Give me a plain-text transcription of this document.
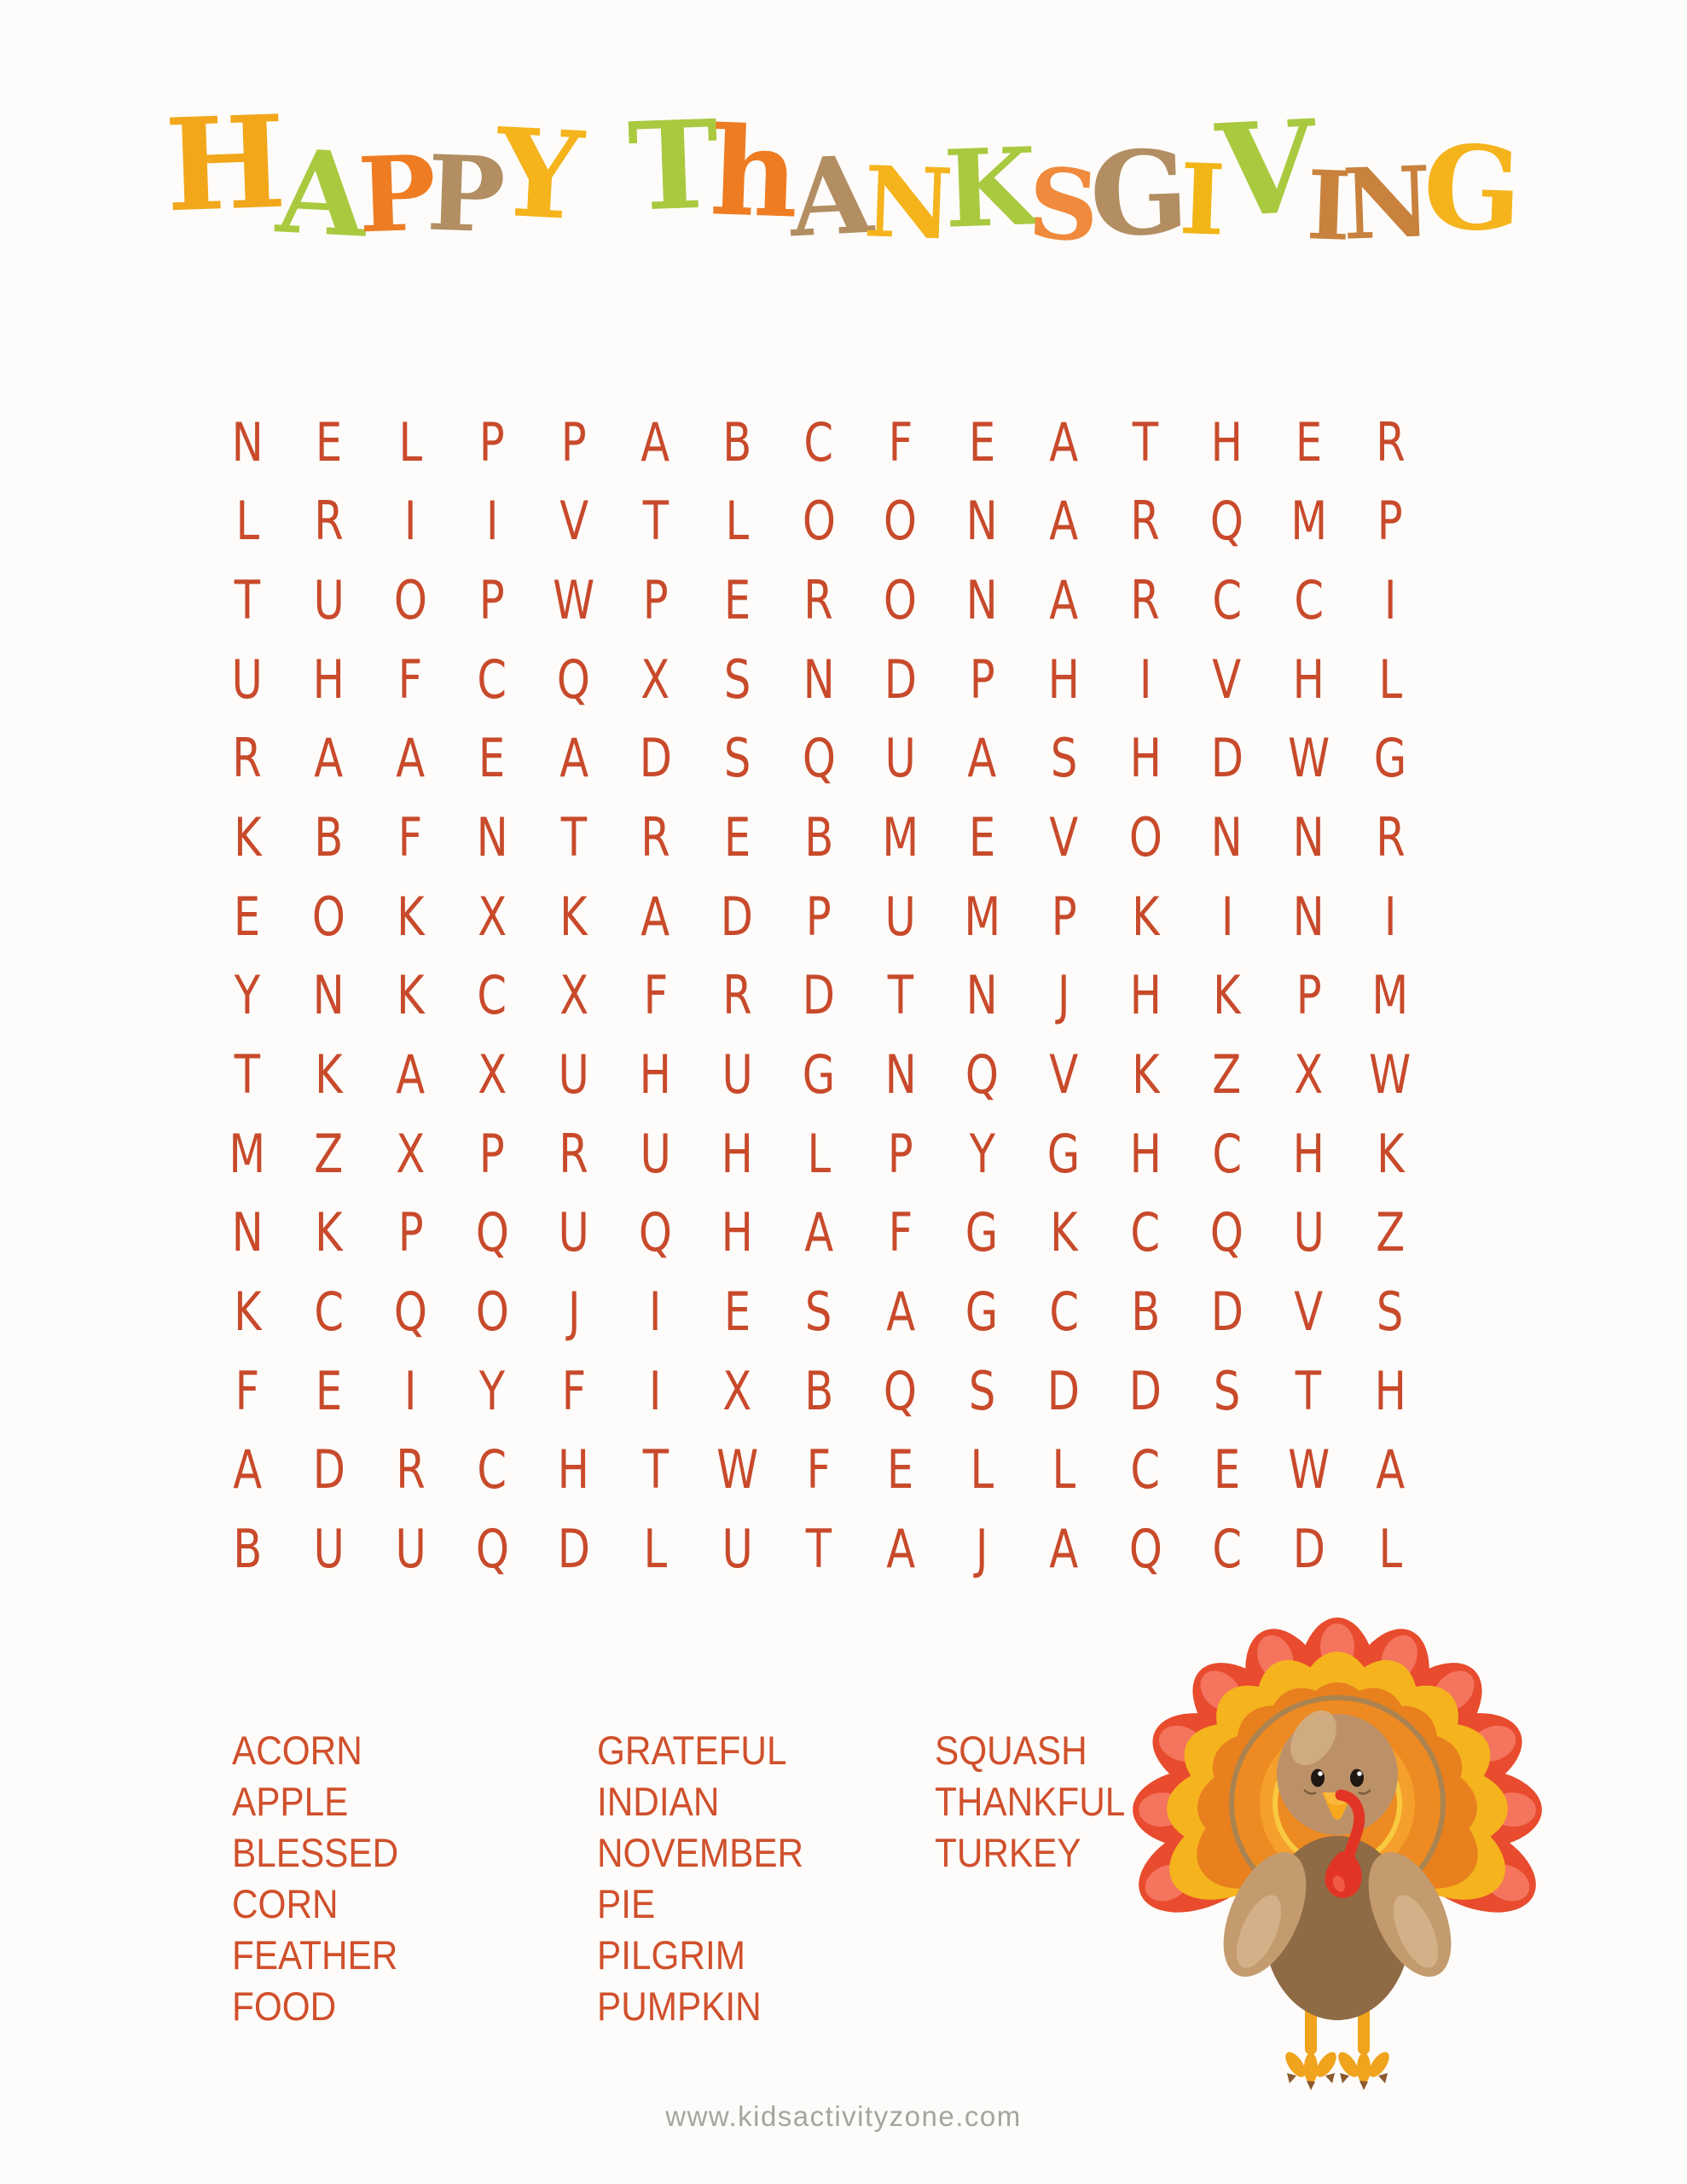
HAPPY ThANKSGIVING
N E L P P A B C F E A T H E R
L R I I V T L O O N A R Q M P
T U O P W P E R O N A R C C I
U H F C Q X S N D P H I V H L
R A A E A D S Q U A S H D W G
K B F N T R E B M E V O N N R
E O K X K A D P U M P K I N I
Y N K C X F R D T N J H K P M
T K A X U H U G N Q V K Z X W
M Z X P R U H L P Y G H C H K
N K P Q U Q H A F G K C Q U Z
K C Q O J I E S A G C B D V S
F E I Y F I X B Q S D D S T H
A D R C H T W F E L L C E W A
B U U Q D L U T A J A Q C D L
ACORN
APPLE
BLESSED
CORN
FEATHER
FOOD
GRATEFUL
INDIAN
NOVEMBER
PIE
PILGRIM
PUMPKIN
SQUASH
THANKFUL
TURKEY
www.kidsactivityzone.com
